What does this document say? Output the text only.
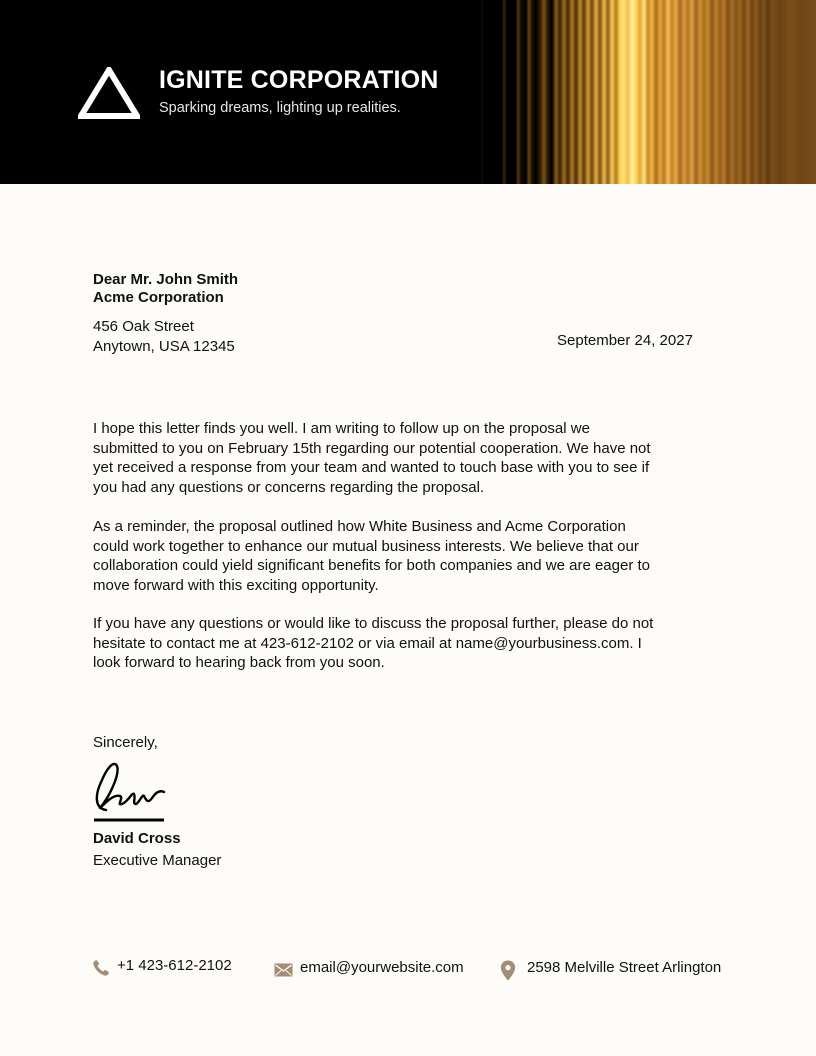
IGNITE CORPORATION
Sparking dreams, lighting up realities.
Dear Mr. John Smith
Acme Corporation
456 Oak Street
Anytown, USA 12345	September 24, 2027
I hope this letter finds you well. I am writing to follow up on the proposal we
submitted to you on February 15th regarding our potential cooperation. We have not
yet received a response from your team and wanted to touch base with you to see if
you had any questions or concerns regarding the proposal.
As a reminder, the proposal outlined how White Business and Acme Corporation
could work together to enhance our mutual business interests. We believe that our
collaboration could yield significant benefits for both companies and we are eager to
move forward with this exciting opportunity.
If you have any questions or would like to discuss the proposal further, please do not
hesitate to contact me at 423-612-2102 or via email at name@yourbusiness.com. I
look forward to hearing back from you soon.
Sincerely,
David Cross
Executive Manager
+1 423-612-2102	email@yourwebsite.com	2598 Melville Street Arlington
